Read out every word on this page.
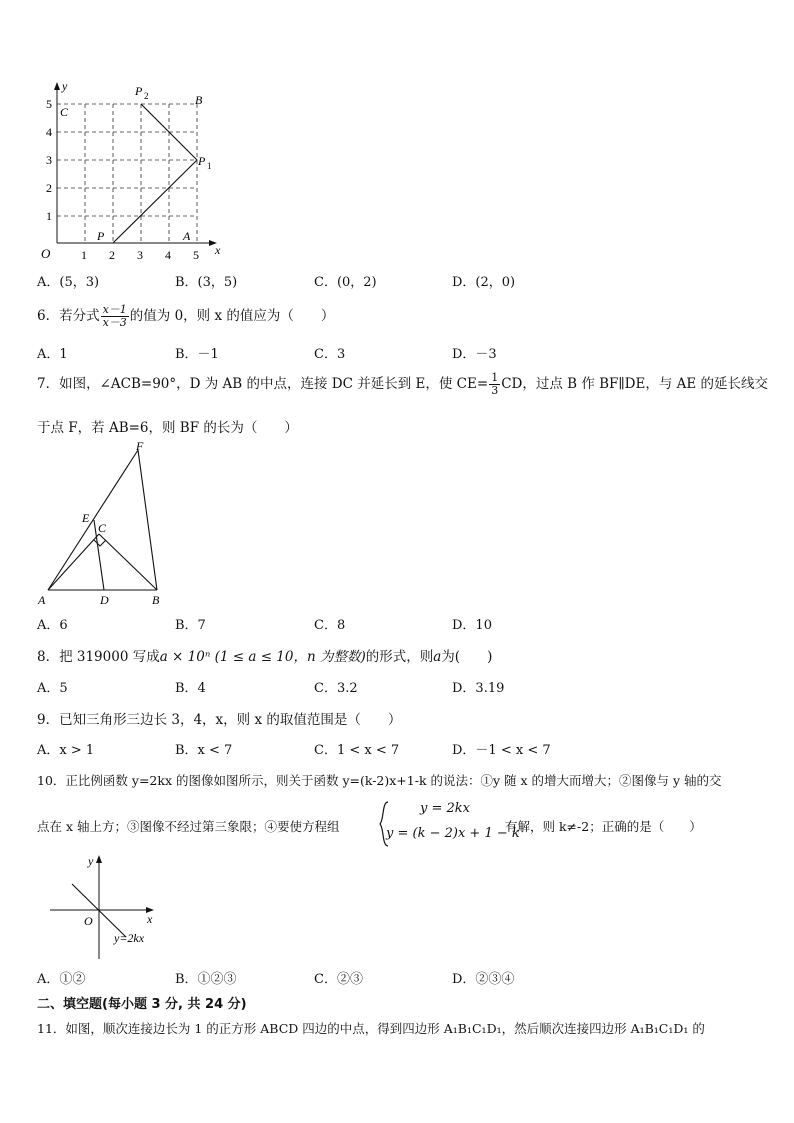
y
x
O	1 2 3 4 5
1
2
3
4
5
C
B
A
P
P 1
P 2
A．(5，3)	B．(3，5)	C．(0，2)	D．(2，0)
6．若分式 $\frac{x-1}{x-3}$ 的值为 0，则 x 的值应为（　　）
A．1	B．－1	C．3	D．－3
7．如图，∠ACB=90°，D 为 AB 的中点，连接 DC 并延长到 E，使 $CE= \frac{1}{3}$ CD，过点 B 作 BF∥DE，与 AE 的延长线交
于点 F，若 AB=6，则 BF 的长为（　　）
F
E
C
A	D	B
A．6	B．7	C．8	D．10
8．把 319000 写成a × 10ⁿ (1 ≤ a ≤ 10，n 为整数)的形式，则a为(　　)
A．5	B．4	C．3.2	D．3.19
9．已知三角形三边长 3，4，x，则 x 的取值范围是（　　）
A．x > 1	B．x < 7	C．1 < x < 7	D．－1 < x < 7
10．正比例函数 y=2kx 的图像如图所示，则关于函数 y=(k-2)x+1-k 的说法：①y 随 x 的增大而增大；②图像与 y 轴的交
点在 x 轴上方；③图像不经过第三象限；④要使方程组
y = 2kx
y = (k − 2)x + 1 − k
有解，则 k≠-2；正确的是（　　）
y
x
O
y=2kx
A．①②	B．①②③	C．②③	D．②③④
二、填空题(每小题 3 分, 共 24 分)
11．如图，顺次连接边长为 1 的正方形 ABCD 四边的中点，得到四边形 A₁B₁C₁D₁，然后顺次连接四边形 A₁B₁C₁D₁ 的
